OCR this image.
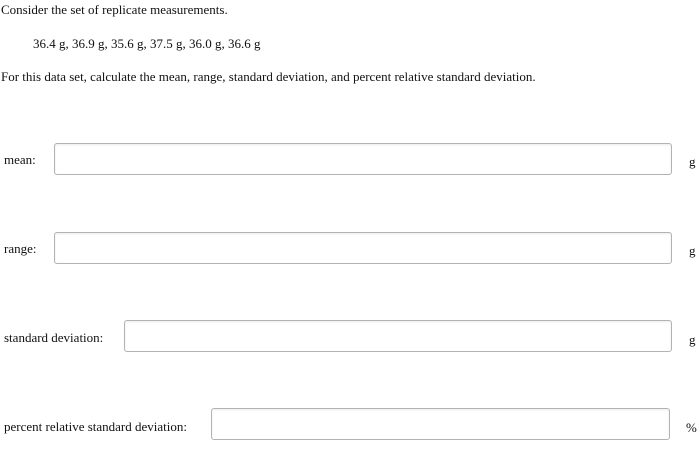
Consider the set of replicate measurements.
36.4 g, 36.9 g, 35.6 g, 37.5 g, 36.0 g, 36.6 g
For this data set, calculate the mean, range, standard deviation, and percent relative standard deviation.
mean:	g
range:	g
standard deviation:	g
percent relative standard deviation:	%
